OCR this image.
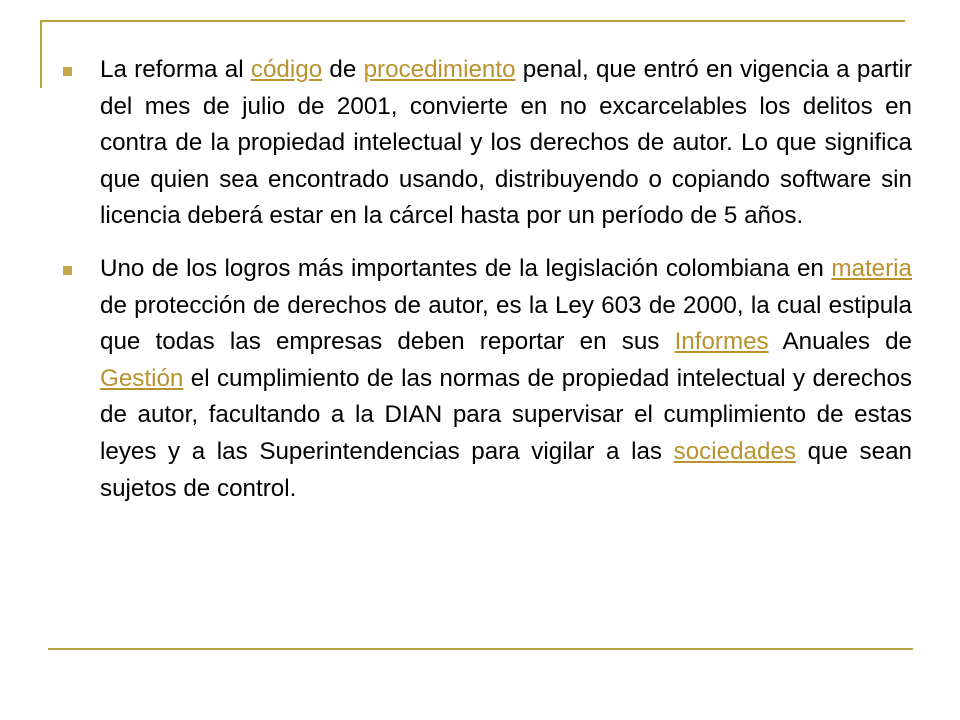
La reforma al código de procedimiento penal, que entró en vigencia a partir del mes de julio de 2001, convierte en no excarcelables los delitos en contra de la propiedad intelectual y los derechos de autor. Lo que significa que quien sea encontrado usando, distribuyendo o copiando software sin licencia deberá estar en la cárcel hasta por un período de 5 años.
Uno de los logros más importantes de la legislación colombiana en materia de protección de derechos de autor, es la Ley 603 de 2000, la cual estipula que todas las empresas deben reportar en sus Informes Anuales de Gestión el cumplimiento de las normas de propiedad intelectual y derechos de autor, facultando a la DIAN para supervisar el cumplimiento de estas leyes y a las Superintendencias para vigilar a las sociedades que sean sujetos de control.
